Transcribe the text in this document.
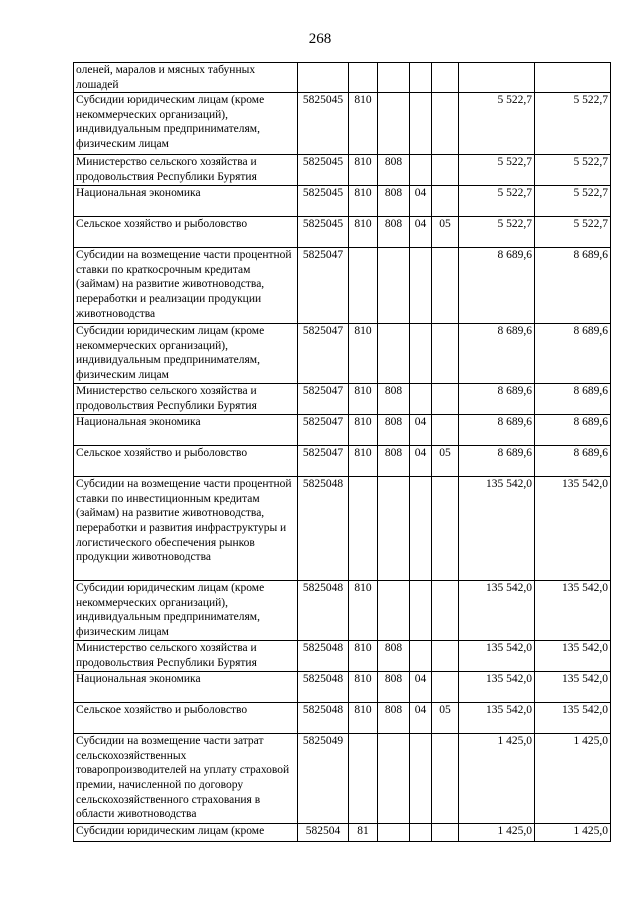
268
оленей, маралов и мясных табунных лошадей							
Субсидии юридическим лицам (кроме некоммерческих организаций), индивидуальным предпринимателям, физическим лицам	5825045	810				5 522,7	5 522,7
Министерство сельского хозяйства и продовольствия Республики Бурятия	5825045	810	808			5 522,7	5 522,7
Национальная экономика	5825045	810	808	04		5 522,7	5 522,7
Сельское хозяйство и рыболовство	5825045	810	808	04	05	5 522,7	5 522,7
Субсидии на возмещение части процентной ставки по краткосрочным кредитам (займам) на развитие животноводства, переработки и реализации продукции животноводства	5825047					8 689,6	8 689,6
Субсидии юридическим лицам (кроме некоммерческих организаций), индивидуальным предпринимателям, физическим лицам	5825047	810				8 689,6	8 689,6
Министерство сельского хозяйства и продовольствия Республики Бурятия	5825047	810	808			8 689,6	8 689,6
Национальная экономика	5825047	810	808	04		8 689,6	8 689,6
Сельское хозяйство и рыболовство	5825047	810	808	04	05	8 689,6	8 689,6
Субсидии на возмещение части процентной ставки по инвестиционным кредитам (займам) на развитие животноводства, переработки и развития инфраструктуры и логистического обеспечения рынков продукции животноводства	5825048					135 542,0	135 542,0
Субсидии юридическим лицам (кроме некоммерческих организаций), индивидуальным предпринимателям, физическим лицам	5825048	810				135 542,0	135 542,0
Министерство сельского хозяйства и продовольствия Республики Бурятия	5825048	810	808			135 542,0	135 542,0
Национальная экономика	5825048	810	808	04		135 542,0	135 542,0
Сельское хозяйство и рыболовство	5825048	810	808	04	05	135 542,0	135 542,0
Субсидии на возмещение части затрат сельскохозяйственных товаропроизводителей на уплату страховой премии, начисленной по договору сельскохозяйственного страхования в области животноводства	5825049					1 425,0	1 425,0
Субсидии юридическим лицам (кроме	582504	81				1 425,0	1 425,0
